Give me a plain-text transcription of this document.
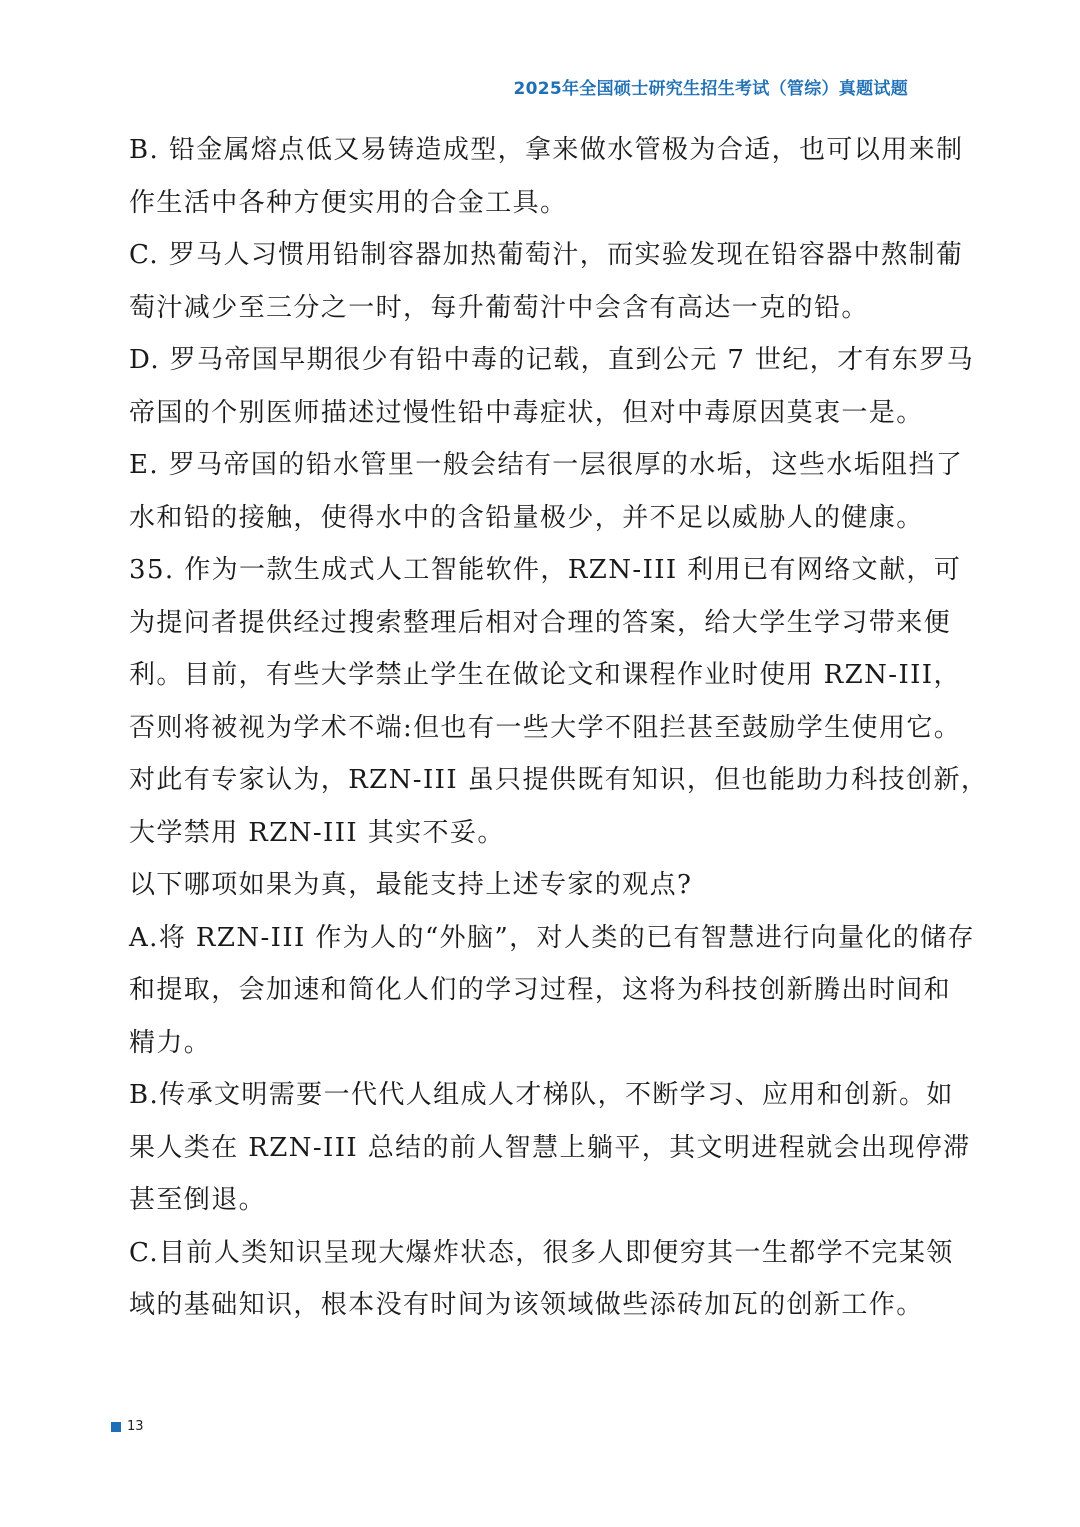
2025年全国硕士研究生招生考试（管综）真题试题
B. 铅金属熔点低又易铸造成型，拿来做水管极为合适，也可以用来制
作生活中各种方便实用的合金工具。
C. 罗马人习惯用铅制容器加热葡萄汁，而实验发现在铅容器中熬制葡
萄汁减少至三分之一时，每升葡萄汁中会含有高达一克的铅。
D. 罗马帝国早期很少有铅中毒的记载，直到公元 7 世纪，才有东罗马
帝国的个别医师描述过慢性铅中毒症状，但对中毒原因莫衷一是。
E. 罗马帝国的铅水管里一般会结有一层很厚的水垢，这些水垢阻挡了
水和铅的接触，使得水中的含铅量极少，并不足以威胁人的健康。
35. 作为一款生成式人工智能软件，RZN-III 利用已有网络文献，可
为提问者提供经过搜索整理后相对合理的答案，给大学生学习带来便
利。目前，有些大学禁止学生在做论文和课程作业时使用 RZN-III，
否则将被视为学术不端:但也有一些大学不阻拦甚至鼓励学生使用它。
对此有专家认为，RZN-III 虽只提供既有知识，但也能助力科技创新，
大学禁用 RZN-III 其实不妥。
以下哪项如果为真，最能支持上述专家的观点?
A.将 RZN-III 作为人的“外脑”，对人类的已有智慧进行向量化的储存
和提取，会加速和简化人们的学习过程，这将为科技创新腾出时间和
精力。
B.传承文明需要一代代人组成人才梯队，不断学习、应用和创新。如
果人类在 RZN-III 总结的前人智慧上躺平，其文明进程就会出现停滞
甚至倒退。
C.目前人类知识呈现大爆炸状态，很多人即便穷其一生都学不完某领
域的基础知识，根本没有时间为该领域做些添砖加瓦的创新工作。
13
